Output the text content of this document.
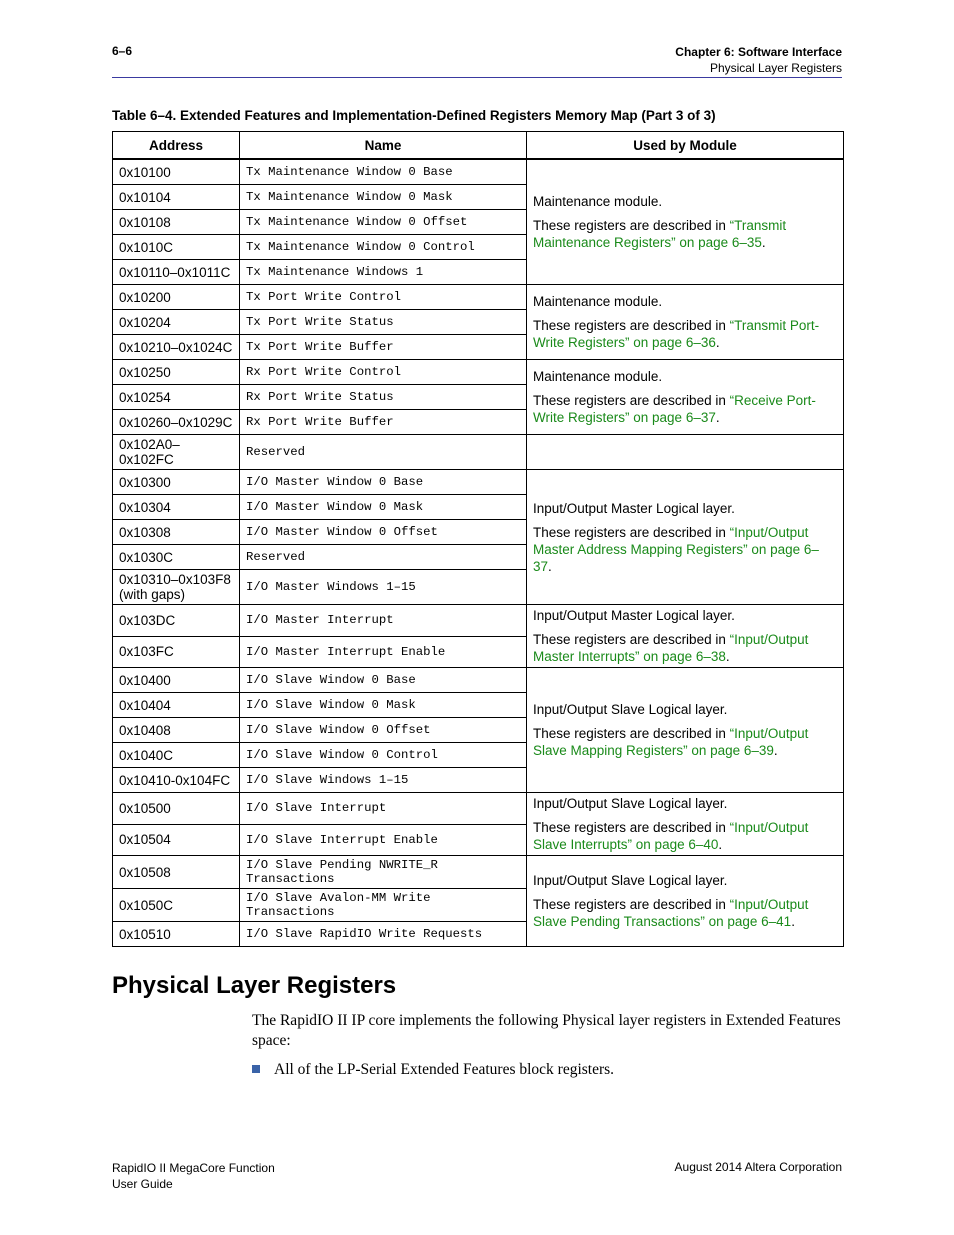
6–6	Chapter 6: Software Interface
Physical Layer Registers
Table 6–4. Extended Features and Implementation-Defined Registers Memory Map (Part 3 of 3)
Address	Name	Used by Module
0x10100	Tx Maintenance Window 0 Base	Maintenance module.

These registers are described in “Transmit Maintenance Registers” on page 6–35.

0x10104	Tx Maintenance Window 0 Mask	
0x10108	Tx Maintenance Window 0 Offset	
0x1010C	Tx Maintenance Window 0 Control	
0x10110–0x1011C	Tx Maintenance Windows 1	
0x10200	Tx Port Write Control	Maintenance module.

These registers are described in “Transmit Port-Write Registers” on page 6–36.

0x10204	Tx Port Write Status	
0x10210–0x1024C	Tx Port Write Buffer	
0x10250	Rx Port Write Control	Maintenance module.

These registers are described in “Receive Port-Write Registers” on page 6–37.

0x10254	Rx Port Write Status	
0x10260–0x1029C	Rx Port Write Buffer	
0x102A0–0x102FC	Reserved	
0x10300	I/O Master Window 0 Base	Input/Output Master Logical layer.

These registers are described in “Input/Output Master Address Mapping Registers” on page 6–37.

0x10304	I/O Master Window 0 Mask	
0x10308	I/O Master Window 0 Offset	
0x1030C	Reserved	
0x10310–0x103F8 (with gaps)	I/O Master Windows 1–15	
0x103DC	I/O Master Interrupt	Input/Output Master Logical layer.

These registers are described in “Input/Output Master Interrupts” on page 6–38.

0x103FC	I/O Master Interrupt Enable	
0x10400	I/O Slave Window 0 Base	Input/Output Slave Logical layer.

These registers are described in “Input/Output Slave Mapping Registers” on page 6–39.

0x10404	I/O Slave Window 0 Mask	
0x10408	I/O Slave Window 0 Offset	
0x1040C	I/O Slave Window 0 Control	
0x10410-0x104FC	I/O Slave Windows 1–15	
0x10500	I/O Slave Interrupt	Input/Output Slave Logical layer.

These registers are described in “Input/Output Slave Interrupts” on page 6–40.

0x10504	I/O Slave Interrupt Enable	
0x10508	I/O Slave Pending NWRITE_R Transactions	Input/Output Slave Logical layer.

These registers are described in “Input/Output Slave Pending Transactions” on page 6–41.

0x1050C	I/O Slave Avalon-MM Write Transactions	
0x10510	I/O Slave RapidIO Write Requests	
Physical Layer Registers
The RapidIO II IP core implements the following Physical layer registers in Extended Features space:
All of the LP-Serial Extended Features block registers.
RapidIO II MegaCore Function
User Guide
August 2014 Altera Corporation
